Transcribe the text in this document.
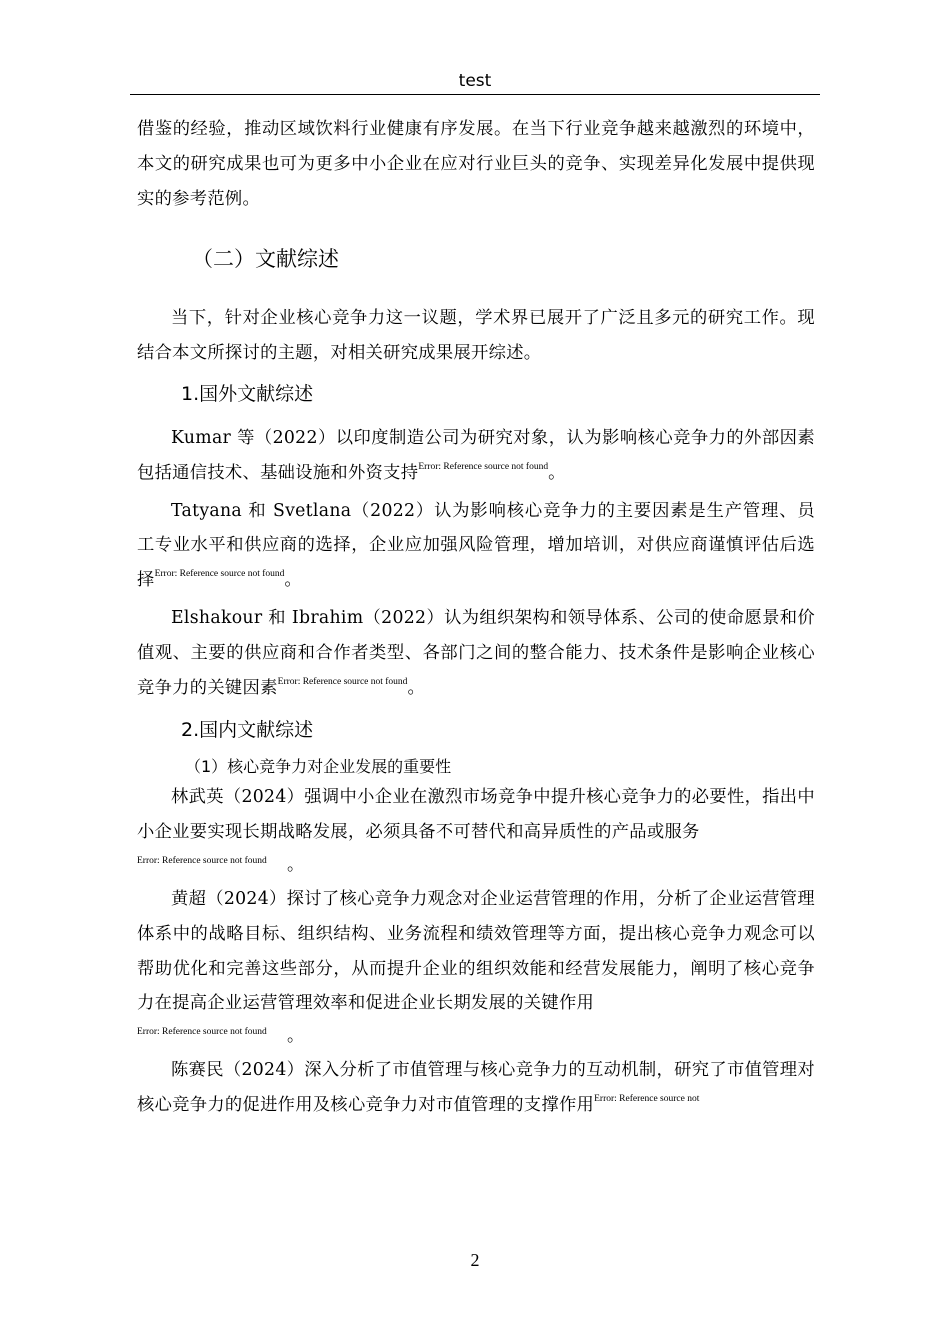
test

借鉴的经验，推动区域饮料行业健康有序发展。在当下行业竞争越来越激烈的环境中，本文的研究成果也可为更多中小企业在应对行业巨头的竞争、实现差异化发展中提供现实的参考范例。

（二）文献综述

当下，针对企业核心竞争力这一议题，学术界已展开了广泛且多元的研究工作。现结合本文所探讨的主题，对相关研究成果展开综述。

1.国外文献综述

Kumar 等（2022）以印度制造公司为研究对象，认为影响核心竞争力的外部因素包括通信技术、基础设施和外资支持$^{Error: Reference source not found}$。

Tatyana 和 Svetlana（2022）认为影响核心竞争力的主要因素是生产管理、员工专业水平和供应商的选择，企业应加强风险管理，增加培训，对供应商谨慎评估后选择$^{Error: Reference source not found}$。

Elshakour 和 Ibrahim（2022）认为组织架构和领导体系、公司的使命愿景和价值观、主要的供应商和合作者类型、各部门之间的整合能力、技术条件是影响企业核心竞争力的关键因素$^{Error: Reference source not found}$。

2.国内文献综述
（1）核心竞争力对企业发展的重要性

林武英（2024）强调中小企业在激烈市场竞争中提升核心竞争力的必要性，指出中小企业要实现长期战略发展，必须具备不可替代和高异质性的产品或服务

Error: Reference source not found 。

黄超（2024）探讨了核心竞争力观念对企业运营管理的作用，分析了企业运营管理体系中的战略目标、组织结构、业务流程和绩效管理等方面，提出核心竞争力观念可以帮助优化和完善这些部分，从而提升企业的组织效能和经营发展能力，阐明了核心竞争力在提高企业运营管理效率和促进企业长期发展的关键作用

Error: Reference source not found 。

陈赛民（2024）深入分析了市值管理与核心竞争力的互动机制，研究了市值管理对核心竞争力的促进作用及核心竞争力对市值管理的支撑作用$^{Error: Reference source not}$

2
